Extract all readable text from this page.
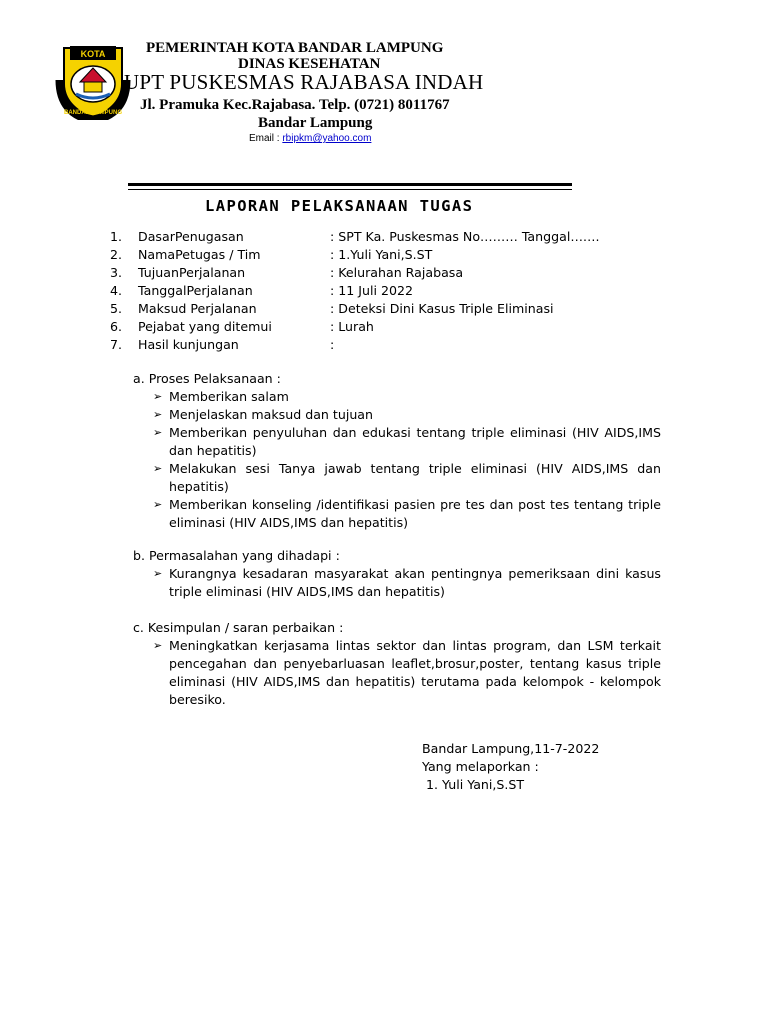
KOTA
BANDAR LAMPUNG
PEMERINTAH KOTA BANDAR LAMPUNG
DINAS KESEHATAN
UPT PUSKESMAS RAJABASA INDAH
Jl. Pramuka Kec.Rajabasa. Telp. (0721) 8011767
Bandar Lampung
Email : rbipkm@yahoo.com
LAPORAN PELAKSANAAN TUGAS
1.	DasarPenugasan	: SPT Ka. Puskesmas No……… Tanggal…….
2.	NamaPetugas / Tim	: 1.Yuli Yani,S.ST
3.	TujuanPerjalanan	: Kelurahan Rajabasa
4.	TanggalPerjalanan	: 11 Juli 2022
5.	Maksud Perjalanan	: Deteksi Dini Kasus Triple Eliminasi
6.	Pejabat yang ditemui	: Lurah
7.	Hasil kunjungan	:
a. Proses Pelaksanaan :
➢ Memberikan salam
➢ Menjelaskan maksud dan tujuan
➢ Memberikan penyuluhan dan edukasi tentang triple eliminasi (HIV AIDS,IMS dan hepatitis)
➢ Melakukan sesi Tanya jawab tentang triple eliminasi (HIV AIDS,IMS dan hepatitis)
➢ Memberikan konseling /identifikasi pasien pre tes dan post tes tentang triple eliminasi (HIV AIDS,IMS dan hepatitis)
b. Permasalahan yang dihadapi :
➢ Kurangnya kesadaran masyarakat akan pentingnya pemeriksaan dini kasus triple eliminasi (HIV AIDS,IMS dan hepatitis)
c. Kesimpulan / saran perbaikan :
➢ Meningkatkan kerjasama lintas sektor dan lintas program, dan LSM terkait pencegahan dan penyebarluasan leaflet,brosur,poster, tentang kasus triple eliminasi (HIV AIDS,IMS dan hepatitis) terutama pada kelompok - kelompok beresiko.
Bandar Lampung,11-7-2022
Yang melaporkan :
1. Yuli Yani,S.ST
